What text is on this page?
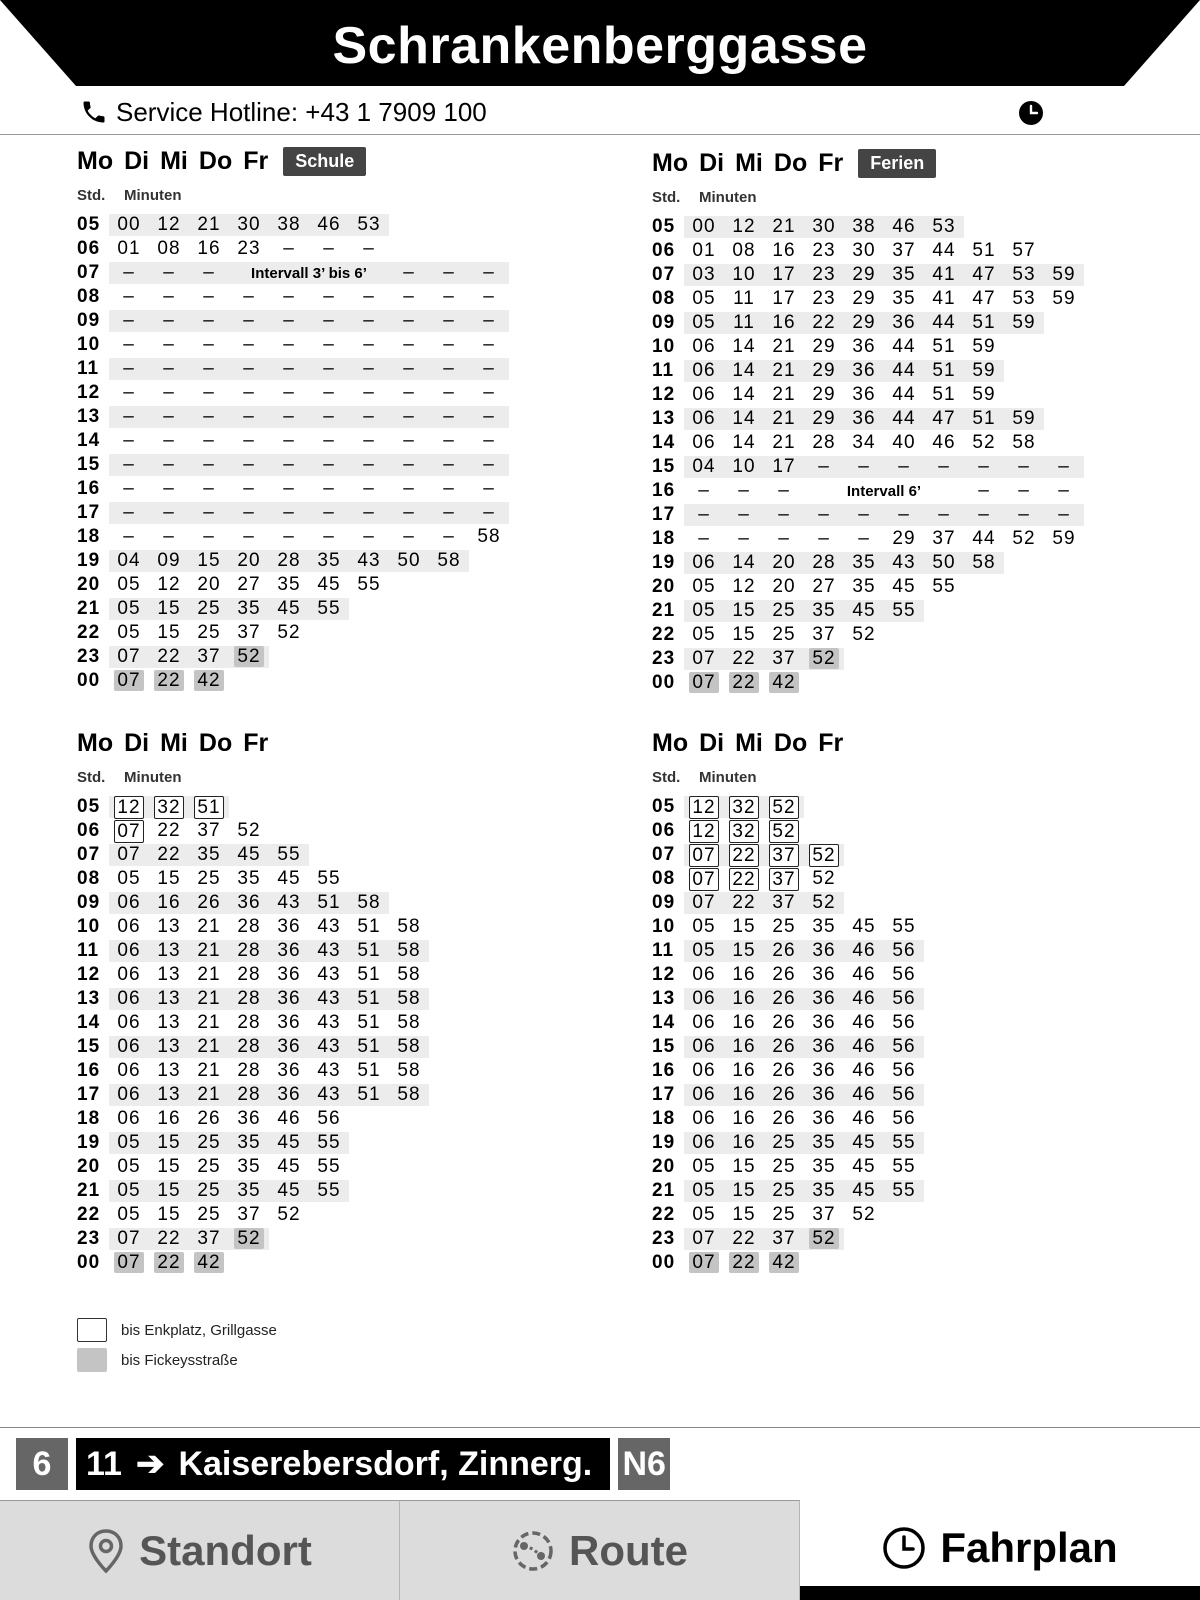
Schrankenberggasse
Service Hotline: +43 1 7909 100
Mo Di Mi Do Fr	Schule
Std.	Minuten
05 00 12 21 30 38 46 53
06 01 08 16 23	–	–	–
07	–	–	–	Intervall 3’ bis 6’	–	–	–
08	–	–	–	–	–	–	–	–	–	–
09	–	–	–	–	–	–	–	–	–	–
10	–	–	–	–	–	–	–	–	–	–
11	–	–	–	–	–	–	–	–	–	–
12	–	–	–	–	–	–	–	–	–	–
13	–	–	–	–	–	–	–	–	–	–
14	–	–	–	–	–	–	–	–	–	–
15	–	–	–	–	–	–	–	–	–	–
16	–	–	–	–	–	–	–	–	–	–
17	–	–	–	–	–	–	–	–	–	–
18	–	–	–	–	–	–	–	–	–	58
19 04 09 15 20 28 35 43 50 58
20 05 12 20 27 35 45 55
21 05 15 25 35 45 55
22 05 15 25 37 52
23 07 22 37 52
00 07 22 42
Mo Di Mi Do Fr	Ferien
Std.	Minuten
05 00 12 21 30 38 46 53
06 01 08 16 23 30 37 44 51 57
07 03 10 17 23 29 35 41 47 53 59
08 05 11 17 23 29 35 41 47 53 59
09 05 11 16 22 29 36 44 51 59
10 06 14 21 29 36 44 51 59
11 06 14 21 29 36 44 51 59
12 06 14 21 29 36 44 51 59
13 06 14 21 29 36 44 47 51 59
14 06 14 21 28 34 40 46 52 58
15 04 10 17	–	–	–	–	–	–	–
16	–	–	–	Intervall 6’	–	–	–
17	–	–	–	–	–	–	–	–	–	–
18	–	–	–	–	–	29 37 44 52 59
19 06 14 20 28 35 43 50 58
20 05 12 20 27 35 45 55
21 05 15 25 35 45 55
22 05 15 25 37 52
23 07 22 37 52
00 07 22 42
Mo Di Mi Do Fr
Std.	Minuten
05 12 32 51
06 07 22 37 52
07 07 22 35 45 55
08 05 15 25 35 45 55
09 06 16 26 36 43 51 58
10 06 13 21 28 36 43 51 58
11 06 13 21 28 36 43 51 58
12 06 13 21 28 36 43 51 58
13 06 13 21 28 36 43 51 58
14 06 13 21 28 36 43 51 58
15 06 13 21 28 36 43 51 58
16 06 13 21 28 36 43 51 58
17 06 13 21 28 36 43 51 58
18 06 16 26 36 46 56
19 05 15 25 35 45 55
20 05 15 25 35 45 55
21 05 15 25 35 45 55
22 05 15 25 37 52
23 07 22 37 52
00 07 22 42
Mo Di Mi Do Fr
Std.	Minuten
05 12 32 52
06 12 32 52
07 07 22 37 52
08 07 22 37 52
09 07 22 37 52
10 05 15 25 35 45 55
11 05 15 26 36 46 56
12 06 16 26 36 46 56
13 06 16 26 36 46 56
14 06 16 26 36 46 56
15 06 16 26 36 46 56
16 06 16 26 36 46 56
17 06 16 26 36 46 56
18 06 16 26 36 46 56
19 06 16 25 35 45 55
20 05 15 25 35 45 55
21 05 15 25 35 45 55
22 05 15 25 37 52
23 07 22 37 52
00 07 22 42
bis Enkplatz, Grillgasse
bis Fickeysstraße
6	11 ➔ Kaiserebersdorf, Zinnerg. N6
Standort	Route	Fahrplan
